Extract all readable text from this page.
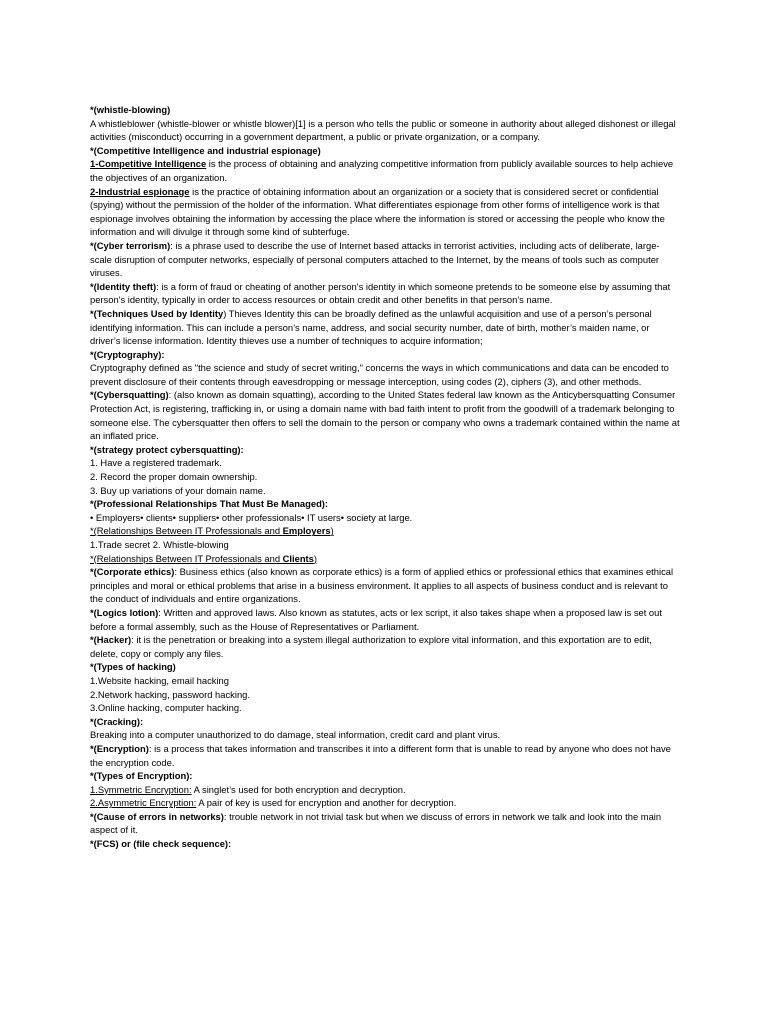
*(whistle-blowing)

A whistleblower (whistle-blower or whistle blower)[1] is a person who tells the public or someone in authority about alleged dishonest or illegal activities (misconduct) occurring in a government department, a public or private organization, or a company.

*(Competitive Intelligence and industrial espionage)

1-Competitive Intelligence is the process of obtaining and analyzing competitive information from publicly available sources to help achieve the objectives of an organization.

2-Industrial espionage is the practice of obtaining information about an organization or a society that is considered secret or confidential (spying) without the permission of the holder of the information. What differentiates espionage from other forms of intelligence work is that espionage involves obtaining the information by accessing the place where the information is stored or accessing the people who know the information and will divulge it through some kind of subterfuge.

*(Cyber terrorism): is a phrase used to describe the use of Internet based attacks in terrorist activities, including acts of deliberate, large-scale disruption of computer networks, especially of personal computers attached to the Internet, by the means of tools such as computer viruses.

*(Identity theft): is a form of fraud or cheating of another person's identity in which someone pretends to be someone else by assuming that person's identity, typically in order to access resources or obtain credit and other benefits in that person's name.

*(Techniques Used by Identity) Thieves Identity this can be broadly defined as the unlawful acquisition and use of a person’s personal identifying information. This can include a person’s name, address, and social security number, date of birth, mother’s maiden name, or driver’s license information. Identity thieves use a number of techniques to acquire information;

*(Cryptography):

Cryptography defined as "the science and study of secret writing," concerns the ways in which communications and data can be encoded to prevent disclosure of their contents through eavesdropping or message interception, using codes (2), ciphers (3), and other methods.

*(Cybersquatting): (also known as domain squatting), according to the United States federal law known as the Anticybersquatting Consumer Protection Act, is registering, trafficking in, or using a domain name with bad faith intent to profit from the goodwill of a trademark belonging to someone else. The cybersquatter then offers to sell the domain to the person or company who owns a trademark contained within the name at an inflated price.

*(strategy protect cybersquatting):

1. Have a registered trademark.

2. Record the proper domain ownership.

3. Buy up variations of your domain name.

*(Professional Relationships That Must Be Managed):

• Employers• clients• suppliers• other professionals• IT users• society at large.

*(Relationships Between IT Professionals and Employers)

1.Trade secret 2. Whistle-blowing

*(Relationships Between IT Professionals and Clients)

*(Corporate ethics): Business ethics (also known as corporate ethics) is a form of applied ethics or professional ethics that examines ethical principles and moral or ethical problems that arise in a business environment. It applies to all aspects of business conduct and is relevant to the conduct of individuals and entire organizations.

*(Logics lotion): Written and approved laws. Also known as statutes, acts or lex script, it also takes shape when a proposed law is set out before a formal assembly, such as the House of Representatives or Parliament.

*(Hacker): it is the penetration or breaking into a system illegal authorization to explore vital information, and this exportation are to edit, delete, copy or comply any files.

*(Types of hacking)

1.Website hacking, email hacking

2.Network hacking, password hacking.

3.Online hacking, computer hacking.

*(Cracking):

Breaking into a computer unauthorized to do damage, steal information, credit card and plant virus.

*(Encryption): is a process that takes information and transcribes it into a different form that is unable to read by anyone who does not have the encryption code.

*(Types of Encryption):

1.Symmetric Encryption: A singlet’s used for both encryption and decryption.

2.Asymmetric Encryption: A pair of key is used for encryption and another for decryption.

*(Cause of errors in networks): trouble network in not trivial task but when we discuss of errors in network we talk and look into the main aspect of it.

*(FCS) or (file check sequence):
